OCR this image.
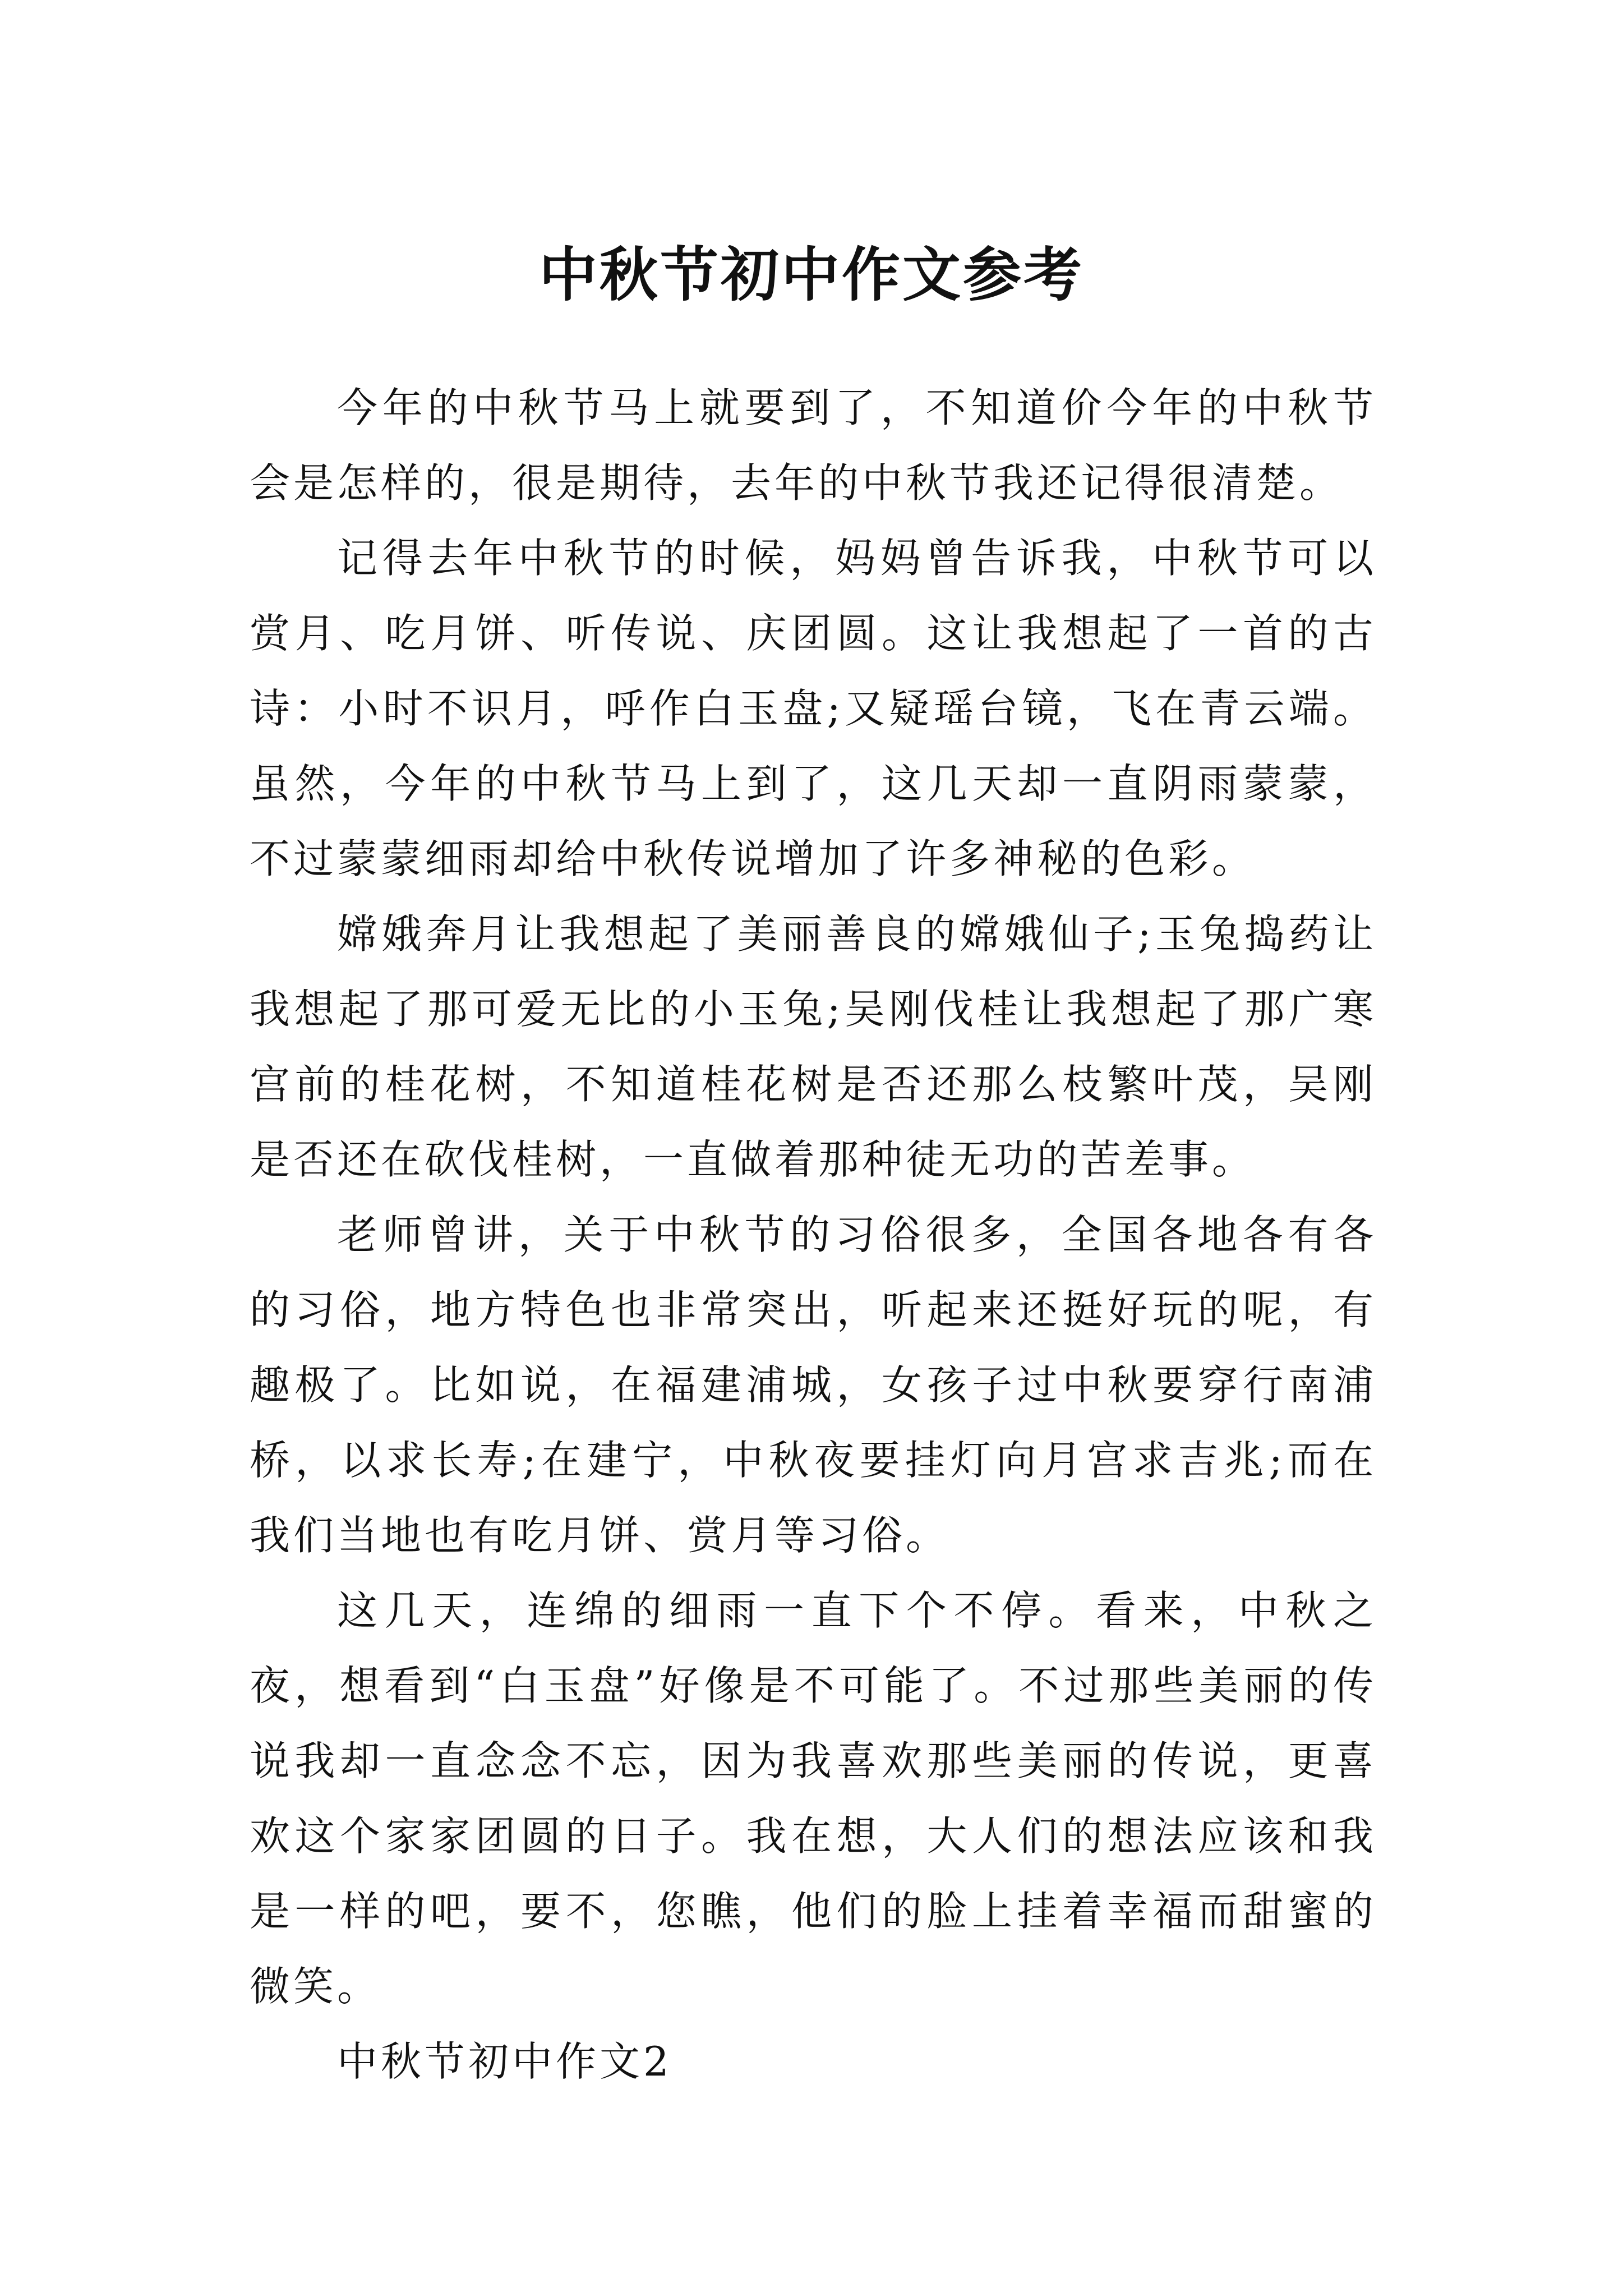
中秋节初中作文参考

今年的中秋节马上就要到了，不知道价今年的中秋节会是怎样的，很是期待，去年的中秋节我还记得很清楚。

记得去年中秋节的时候，妈妈曾告诉我，中秋节可以赏月、吃月饼、听传说、庆团圆。这让我想起了一首的古诗：小时不识月，呼作白玉盘;又疑瑶台镜，飞在青云端。虽然，今年的中秋节马上到了，这几天却一直阴雨蒙蒙，不过蒙蒙细雨却给中秋传说增加了许多神秘的色彩。

嫦娥奔月让我想起了美丽善良的嫦娥仙子;玉兔捣药让我想起了那可爱无比的小玉兔;吴刚伐桂让我想起了那广寒宫前的桂花树，不知道桂花树是否还那么枝繁叶茂，吴刚是否还在砍伐桂树，一直做着那种徒无功的苦差事。

老师曾讲，关于中秋节的习俗很多，全国各地各有各的习俗，地方特色也非常突出，听起来还挺好玩的呢，有趣极了。比如说，在福建浦城，女孩子过中秋要穿行南浦桥，以求长寿;在建宁，中秋夜要挂灯向月宫求吉兆;而在我们当地也有吃月饼、赏月等习俗。

这几天，连绵的细雨一直下个不停。看来，中秋之夜，想看到“白玉盘”好像是不可能了。不过那些美丽的传说我却一直念念不忘，因为我喜欢那些美丽的传说，更喜欢这个家家团圆的日子。我在想，大人们的想法应该和我是一样的吧，要不，您瞧，他们的脸上挂着幸福而甜蜜的微笑。

中秋节初中作文2
